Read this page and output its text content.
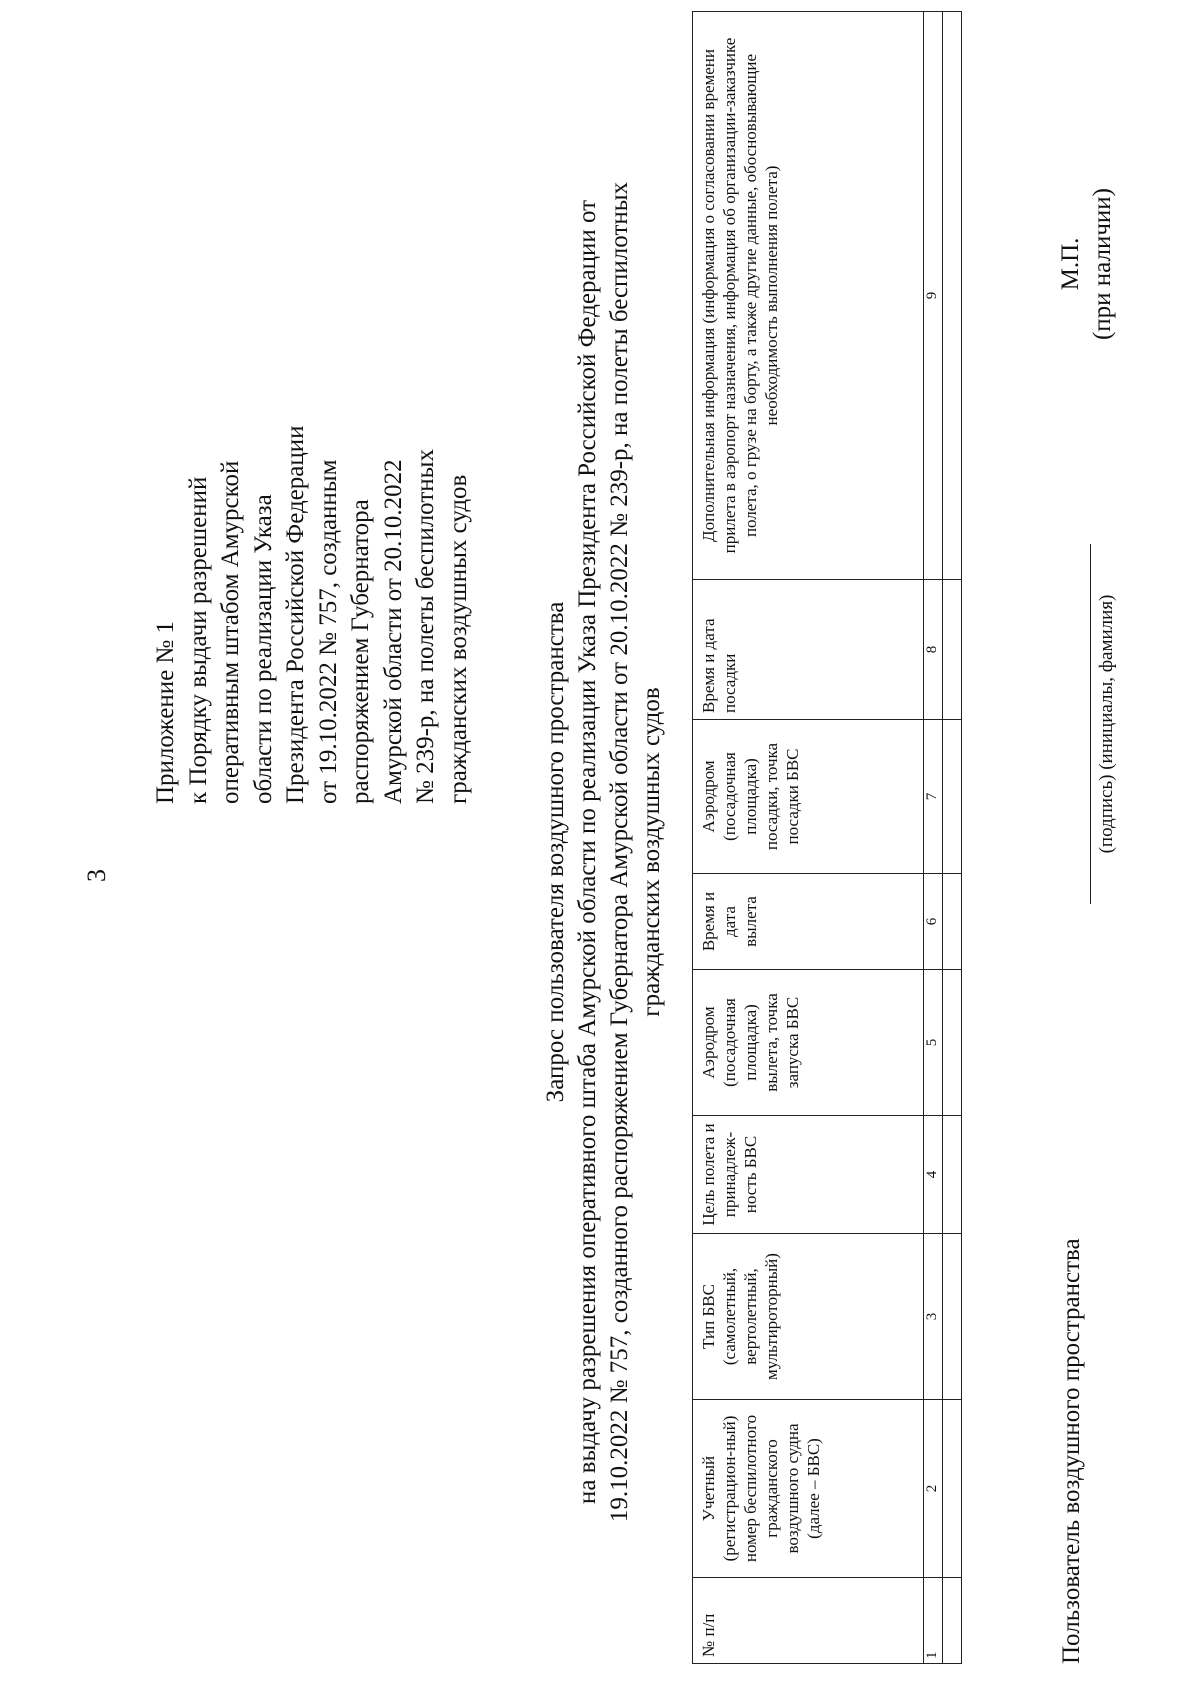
3
Приложение № 1 к Порядку выдачи разрешений оперативным штабом Амурской области по реализации Указа Президента Российской Федерации от 19.10.2022 № 757, созданным распоряжением Губернатора Амурской области от 20.10.2022 № 239-р, на полеты беспилотных гражданских воздушных судов	Запрос пользователя воздушного пространства на выдачу разрешения оперативного штаба Амурской области по реализации Указа Президента Российской Федерации от 19.10.2022 № 757, созданного распоряжением Губернатора Амурской области от 20.10.2022 № 239-р, на полеты беспилотных гражданских воздушных судов
№ п/п	Учетный (регистрацион-ный) номер беспилотного гражданского воздушного судна (далее – БВС)	Тип БВС (самолетный, вертолетный, мультироторный)	Цель полета и принадлеж-ность БВС	Аэродром (посадочная площадка) вылета, точка запуска БВС	Время и дата вылета	Аэродром (посадочная площадка) посадки, точка посадки БВС	Время и дата посадки	Дополнительная информация (информация о согласовании времени прилета в аэропорт назначения, информация об организации-заказчике полета, о грузе на борту, а также другие данные, обосновывающие необходимость выполнения полета)
1	2	3	4	5	6	7	8	9

Пользователь воздушного пространства
(подпись) (инициалы, фамилия)
М.П. (при наличии)
